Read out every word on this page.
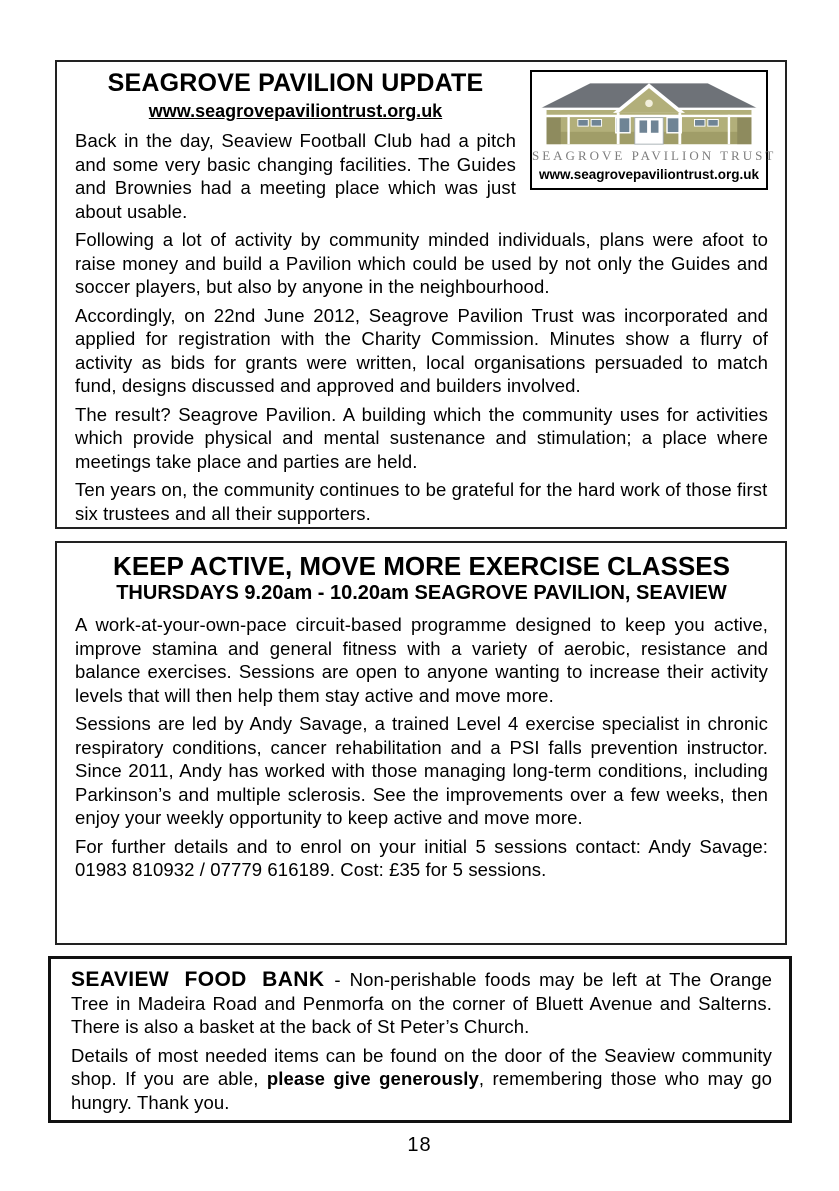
SEAGROVE PAVILION TRUST
www.seagrovepaviliontrust.org.uk
SEAGROVE PAVILION UPDATE
www.seagrovepaviliontrust.org.uk

Back in the day, Seaview Football Club had a pitch and some very basic changing facilities. The Guides and Brownies had a meeting place which was just about usable.

Following a lot of activity by community minded individuals, plans were afoot to raise money and build a Pavilion which could be used by not only the Guides and soccer players, but also by anyone in the neighbourhood.

Accordingly, on 22nd June 2012, Seagrove Pavilion Trust was incorporated and applied for registration with the Charity Commission. Minutes show a flurry of activity as bids for grants were written, local organisations persuaded to match fund, designs discussed and approved and builders involved.

The result? Seagrove Pavilion. A building which the community uses for activities which provide physical and mental sustenance and stimulation; a place where meetings take place and parties are held.

Ten years on, the community continues to be grateful for the hard work of those first six trustees and all their supporters.

KEEP ACTIVE, MOVE MORE EXERCISE CLASSES
THURSDAYS 9.20am - 10.20am SEAGROVE PAVILION, SEAVIEW

A work-at-your-own-pace circuit-based programme designed to keep you active, improve stamina and general fitness with a variety of aerobic, resistance and balance exercises. Sessions are open to anyone wanting to increase their activity levels that will then help them stay active and move more.

Sessions are led by Andy Savage, a trained Level 4 exercise specialist in chronic respiratory conditions, cancer rehabilitation and a PSI falls prevention instructor. Since 2011, Andy has worked with those managing long-term conditions, including Parkinson’s and multiple sclerosis. See the improvements over a few weeks, then enjoy your weekly opportunity to keep active and move more.

For further details and to enrol on your initial 5 sessions contact: Andy Savage: 01983 810932 / 07779 616189. Cost: £35 for 5 sessions.

SEAVIEW FOOD BANK - Non-perishable foods may be left at The Orange Tree in Madeira Road and Penmorfa on the corner of Bluett Avenue and Salterns. There is also a basket at the back of St Peter’s Church.

Details of most needed items can be found on the door of the Seaview community shop. If you are able, please give generously, remembering those who may go hungry. Thank you.

18
